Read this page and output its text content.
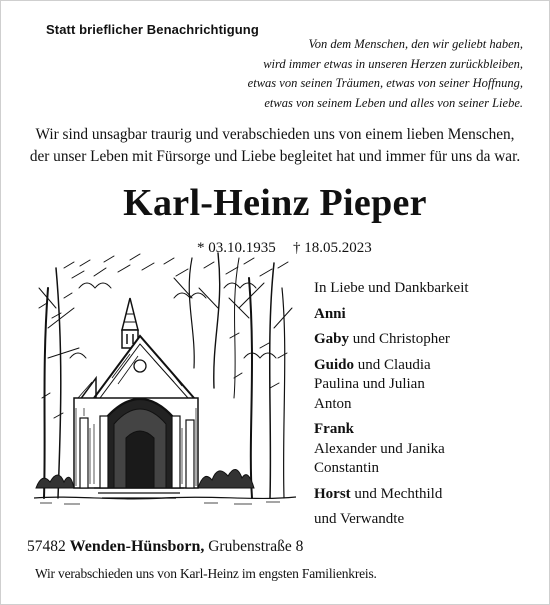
Statt brieflicher Benachrichtigung
Von dem Menschen, den wir geliebt haben,
wird immer etwas in unseren Herzen zurückbleiben,
etwas von seinen Träumen, etwas von seiner Hoffnung,
etwas von seinem Leben und alles von seiner Liebe.
Wir sind unsagbar traurig und verabschieden uns von einem lieben Menschen,
der unser Leben mit Fürsorge und Liebe begleitet hat und immer für uns da war.
Karl-Heinz Pieper
* 03.10.1935 † 18.05.2023
In Liebe und Dankbarkeit
Anni
Gaby und Christopher
Guido und Claudia
Paulina und Julian
Anton
Frank
Alexander und Janika
Constantin
Horst und Mechthild
und Verwandte
57482 Wenden-Hünsborn, Grubenstraße 8
Wir verabschieden uns von Karl-Heinz im engsten Familienkreis.
